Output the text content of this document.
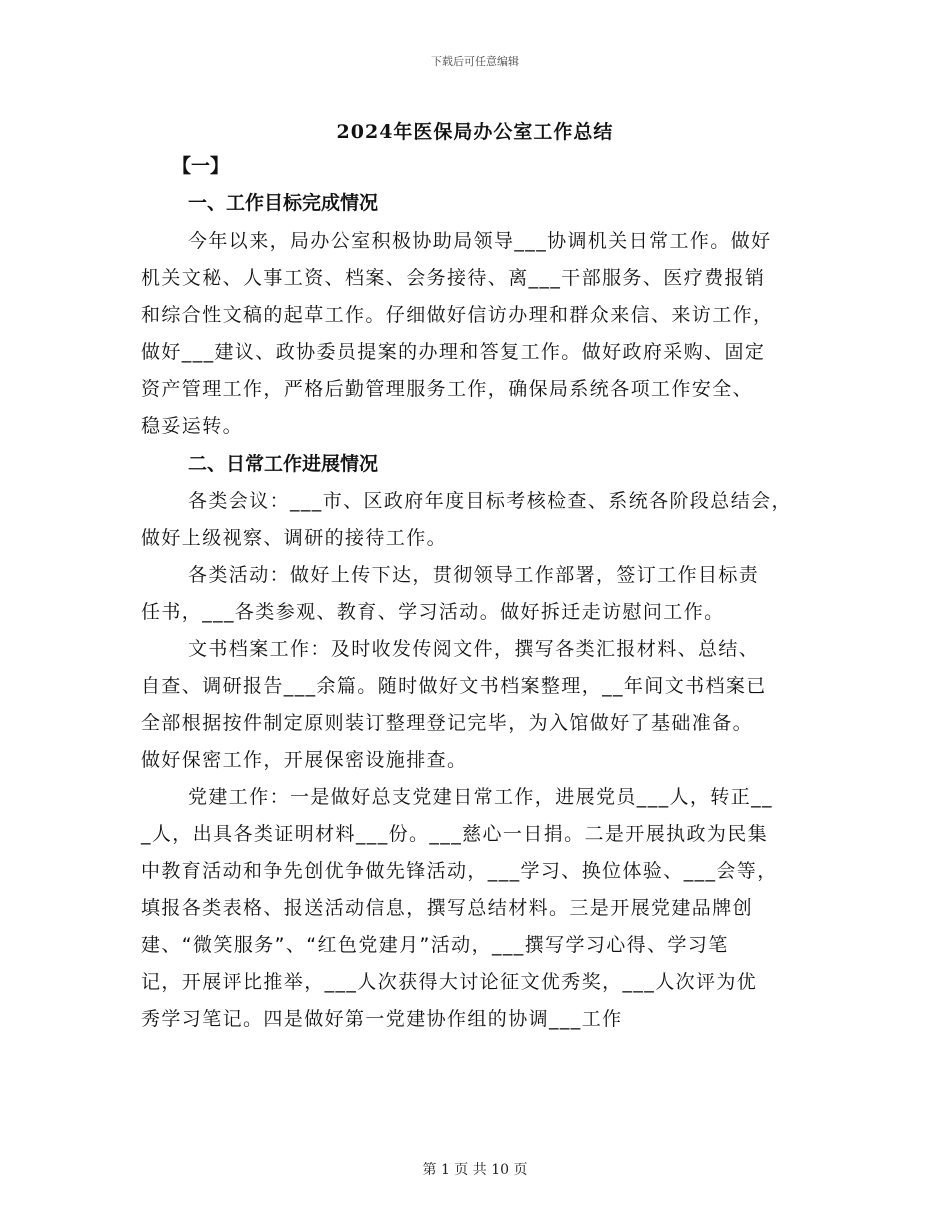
下载后可任意编辑
2024年医保局办公室工作总结
【一】
一、工作目标完成情况
今年以来，局办公室积极协助局领导___协调机关日常工作。做好
机关文秘、人事工资、档案、会务接待、离___干部服务、医疗费报销
和综合性文稿的起草工作。仔细做好信访办理和群众来信、来访工作，
做好___建议、政协委员提案的办理和答复工作。做好政府采购、固定
资产管理工作，严格后勤管理服务工作，确保局系统各项工作安全、
稳妥运转。
二、日常工作进展情况
各类会议：___市、区政府年度目标考核检查、系统各阶段总结会，
做好上级视察、调研的接待工作。
各类活动：做好上传下达，贯彻领导工作部署，签订工作目标责
任书，___各类参观、教育、学习活动。做好拆迁走访慰问工作。
文书档案工作：及时收发传阅文件，撰写各类汇报材料、总结、
自查、调研报告___余篇。随时做好文书档案整理，__年间文书档案已
全部根据按件制定原则装订整理登记完毕，为入馆做好了基础准备。
做好保密工作，开展保密设施排查。
党建工作：一是做好总支党建日常工作，进展党员___人，转正__
_人，出具各类证明材料___份。___慈心一日捐。二是开展执政为民集
中教育活动和争先创优争做先锋活动，___学习、换位体验、___会等，
填报各类表格、报送活动信息，撰写总结材料。三是开展党建品牌创
建、“微笑服务”、“红色党建月”活动，___撰写学习心得、学习笔
记，开展评比推举，___人次获得大讨论征文优秀奖，___人次评为优
秀学习笔记。四是做好第一党建协作组的协调___工作
第 1 页 共 10 页
